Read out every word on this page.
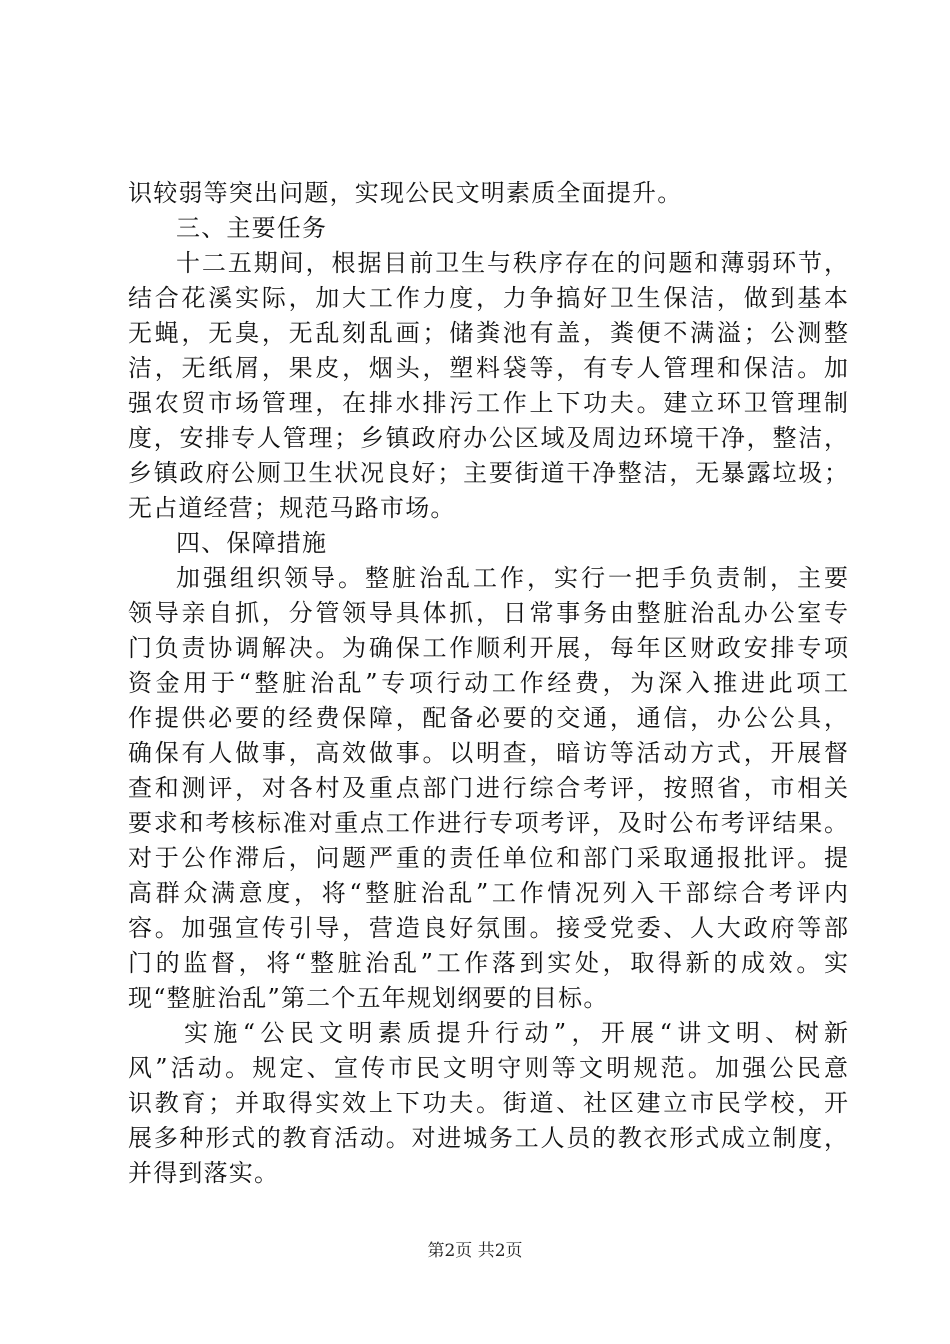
识较弱等突出问题，实现公民文明素质全面提升。
三、主要任务
十二五期间，根据目前卫生与秩序存在的问题和薄弱环节，
结合花溪实际，加大工作力度，力争搞好卫生保洁，做到基本
无蝇，无臭，无乱刻乱画；储粪池有盖，粪便不满溢；公测整
洁，无纸屑，果皮，烟头，塑料袋等，有专人管理和保洁。加
强农贸市场管理，在排水排污工作上下功夫。建立环卫管理制
度，安排专人管理；乡镇政府办公区域及周边环境干净，整洁，
乡镇政府公厕卫生状况良好；主要街道干净整洁，无暴露垃圾；
无占道经营；规范马路市场。
四、保障措施
加强组织领导。整脏治乱工作，实行一把手负责制，主要
领导亲自抓，分管领导具体抓，日常事务由整脏治乱办公室专
门负责协调解决。为确保工作顺利开展，每年区财政安排专项
资金用于“整脏治乱”专项行动工作经费，为深入推进此项工
作提供必要的经费保障，配备必要的交通，通信，办公公具，
确保有人做事，高效做事。以明查，暗访等活动方式，开展督
查和测评，对各村及重点部门进行综合考评，按照省，市相关
要求和考核标准对重点工作进行专项考评，及时公布考评结果。
对于公作滞后，问题严重的责任单位和部门采取通报批评。提
高群众满意度，将“整脏治乱”工作情况列入干部综合考评内
容。加强宣传引导，营造良好氛围。接受党委、人大政府等部
门的监督，将“整脏治乱”工作落到实处，取得新的成效。实
现“整脏治乱”第二个五年规划纲要的目标。
实施“公民文明素质提升行动”，开展“讲文明、树新
风”活动。规定、宣传市民文明守则等文明规范。加强公民意
识教育；并取得实效上下功夫。街道、社区建立市民学校，开
展多种形式的教育活动。对进城务工人员的教衣形式成立制度，
并得到落实。
第2页 共2页
